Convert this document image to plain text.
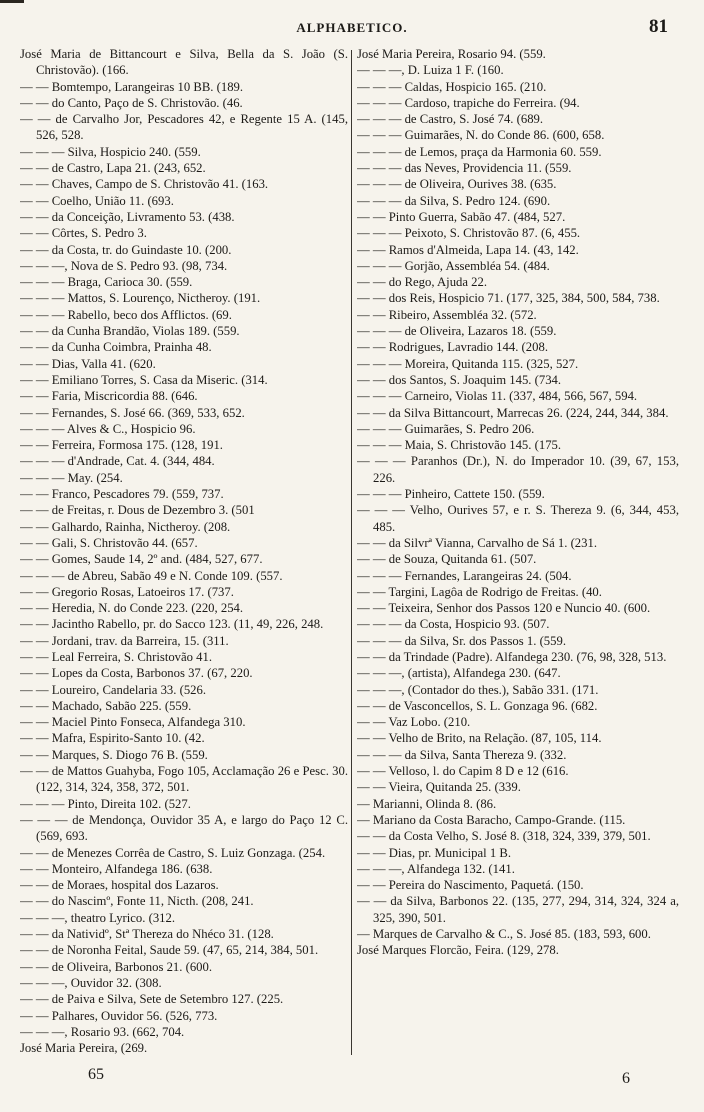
ALPHABETICO.	81
José Maria de Bittancourt e Silva, Bella da S. João (S. Christovão). (166.
— — Bomtempo, Larangeiras 10 BB. (189.
— — do Canto, Paço de S. Christovão. (46.
— — de Carvalho Jor, Pescadores 42, e Regente 15 A. (145, 526, 528.
— — — Silva, Hospicio 240. (559.
— — de Castro, Lapa 21. (243, 652.
— — Chaves, Campo de S. Christovão 41. (163.
— — Coelho, União 11. (693.
— — da Conceição, Livramento 53. (438.
— — Côrtes, S. Pedro 3.
— — da Costa, tr. do Guindaste 10. (200.
— — —, Nova de S. Pedro 93. (98, 734.
— — — Braga, Carioca 30. (559.
— — — Mattos, S. Lourenço, Nictheroy. (191.
— — — Rabello, beco dos Afflictos. (69.
— — da Cunha Brandão, Violas 189. (559.
— — da Cunha Coimbra, Prainha 48.
— — Dias, Valla 41. (620.
— — Emiliano Torres, S. Casa da Miseric. (314.
— — Faria, Miscricordia 88. (646.
— — Fernandes, S. José 66. (369, 533, 652.
— — — Alves & C., Hospicio 96.
— — Ferreira, Formosa 175. (128, 191.
— — — d'Andrade, Cat. 4. (344, 484.
— — — May. (254.
— — Franco, Pescadores 79. (559, 737.
— — de Freitas, r. Dous de Dezembro 3. (501
— — Galhardo, Rainha, Nictheroy. (208.
— — Gali, S. Christovão 44. (657.
— — Gomes, Saude 14, 2º and. (484, 527, 677.
— — — de Abreu, Sabão 49 e N. Conde 109. (557.
— — Gregorio Rosas, Latoeiros 17. (737.
— — Heredia, N. do Conde 223. (220, 254.
— — Jacintho Rabello, pr. do Sacco 123. (11, 49, 226, 248.
— — Jordani, trav. da Barreira, 15. (311.
— — Leal Ferreira, S. Christovão 41.
— — Lopes da Costa, Barbonos 37. (67, 220.
— — Loureiro, Candelaria 33. (526.
— — Machado, Sabão 225. (559.
— — Maciel Pinto Fonseca, Alfandega 310.
— — Mafra, Espirito-Santo 10. (42.
— — Marques, S. Diogo 76 B. (559.
— — de Mattos Guahyba, Fogo 105, Acclamação 26 e Pesc. 30. (122, 314, 324, 358, 372, 501.
— — — Pinto, Direita 102. (527.
— — — de Mendonça, Ouvidor 35 A, e largo do Paço 12 C. (569, 693.
— — de Menezes Corrêa de Castro, S. Luiz Gonzaga. (254.
— — Monteiro, Alfandega 186. (638.
— — de Moraes, hospital dos Lazaros.
— — do Nascimº, Fonte 11, Nicth. (208, 241.
— — —, theatro Lyrico. (312.
— — da Natividº, Stª Thereza do Nhéco 31. (128.
— — de Noronha Feital, Saude 59. (47, 65, 214, 384, 501.
— — de Oliveira, Barbonos 21. (600.
— — —, Ouvidor 32. (308.
— — de Paiva e Silva, Sete de Setembro 127. (225.
— — Palhares, Ouvidor 56. (526, 773.
— — —, Rosario 93. (662, 704.
José Maria Pereira, (269.
José Maria Pereira, Rosario 94. (559.
— — —, D. Luiza 1 F. (160.
— — — Caldas, Hospicio 165. (210.
— — — Cardoso, trapiche do Ferreira. (94.
— — — de Castro, S. José 74. (689.
— — — Guimarães, N. do Conde 86. (600, 658.
— — — de Lemos, praça da Harmonia 60. 559.
— — — das Neves, Providencia 11. (559.
— — — de Oliveira, Ourives 38. (635.
— — — da Silva, S. Pedro 124. (690.
— — Pinto Guerra, Sabão 47. (484, 527.
— — — Peixoto, S. Christovão 87. (6, 455.
— — Ramos d'Almeida, Lapa 14. (43, 142.
— — — Gorjão, Assembléa 54. (484.
— — do Rego, Ajuda 22.
— — dos Reis, Hospicio 71. (177, 325, 384, 500, 584, 738.
— — Ribeiro, Assembléa 32. (572.
— — — de Oliveira, Lazaros 18. (559.
— — Rodrigues, Lavradio 144. (208.
— — — Moreira, Quitanda 115. (325, 527.
— — dos Santos, S. Joaquim 145. (734.
— — — Carneiro, Violas 11. (337, 484, 566, 567, 594.
— — da Silva Bittancourt, Marrecas 26. (224, 244, 344, 384.
— — — Guimarães, S. Pedro 206.
— — — Maia, S. Christovão 145. (175.
— — — Paranhos (Dr.), N. do Imperador 10. (39, 67, 153, 226.
— — — Pinheiro, Cattete 150. (559.
— — — Velho, Ourives 57, e r. S. Thereza 9. (6, 344, 453, 485.
— — da Silvrª Vianna, Carvalho de Sá 1. (231.
— — de Souza, Quitanda 61. (507.
— — — Fernandes, Larangeiras 24. (504.
— — Targini, Lagôa de Rodrigo de Freitas. (40.
— — Teixeira, Senhor dos Passos 120 e Nuncio 40. (600.
— — — da Costa, Hospicio 93. (507.
— — — da Silva, Sr. dos Passos 1. (559.
— — da Trindade (Padre). Alfandega 230. (76, 98, 328, 513.
— — —, (artista), Alfandega 230. (647.
— — —, (Contador do thes.), Sabão 331. (171.
— — de Vasconcellos, S. L. Gonzaga 96. (682.
— — Vaz Lobo. (210.
— — Velho de Brito, na Relação. (87, 105, 114.
— — — da Silva, Santa Thereza 9. (332.
— — Velloso, l. do Capim 8 D e 12 (616.
— — Vieira, Quitanda 25. (339.
— Marianni, Olinda 8. (86.
— Mariano da Costa Baracho, Campo-Grande. (115.
— — da Costa Velho, S. José 8. (318, 324, 339, 379, 501.
— — Dias, pr. Municipal 1 B.
— — —, Alfandega 132. (141.
— — Pereira do Nascimento, Paquetá. (150.
— — da Silva, Barbonos 22. (135, 277, 294, 314, 324, 324 a, 325, 390, 501.
— Marques de Carvalho & C., S. José 85. (183, 593, 600.
José Marques Florcão, Feira. (129, 278.
65	6
